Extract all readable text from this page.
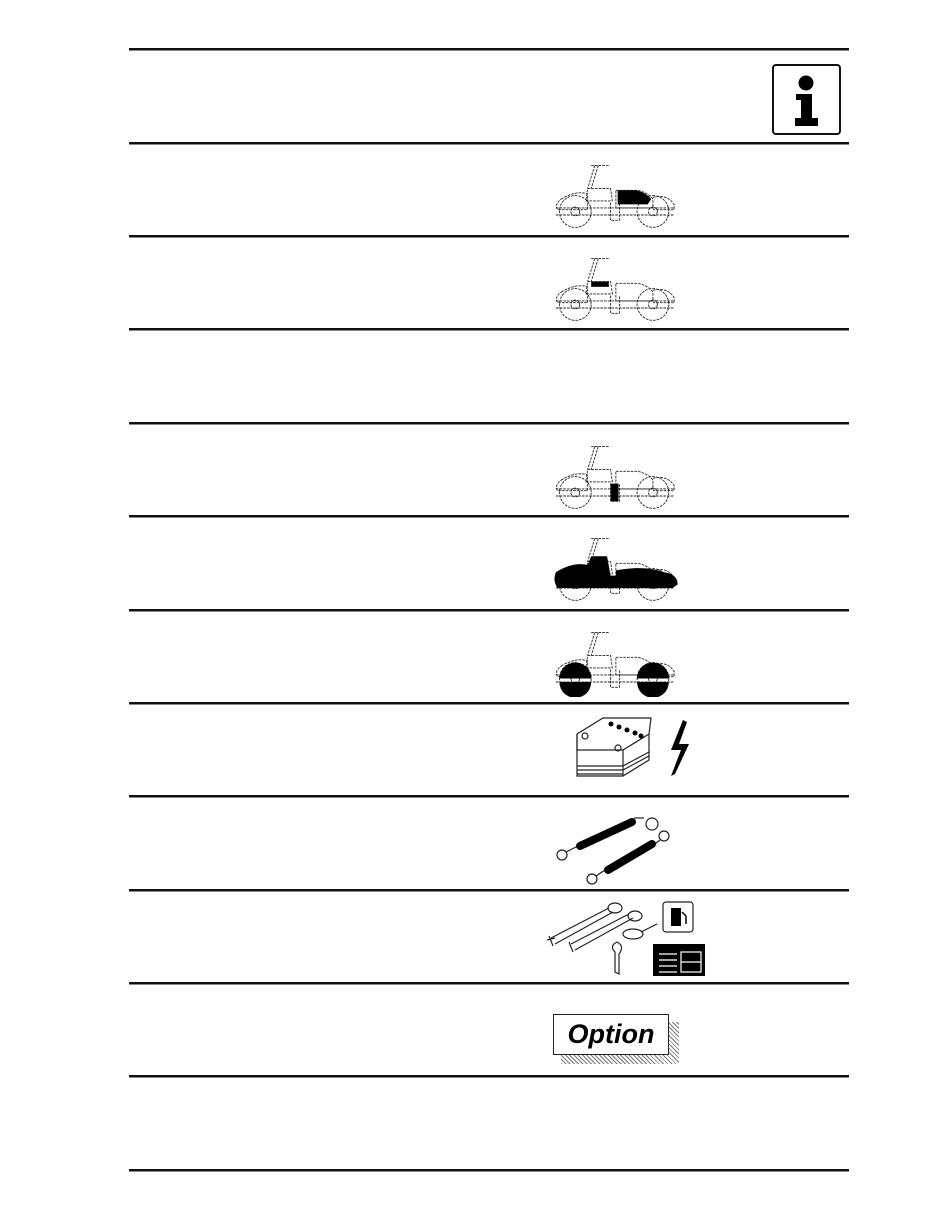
Option
